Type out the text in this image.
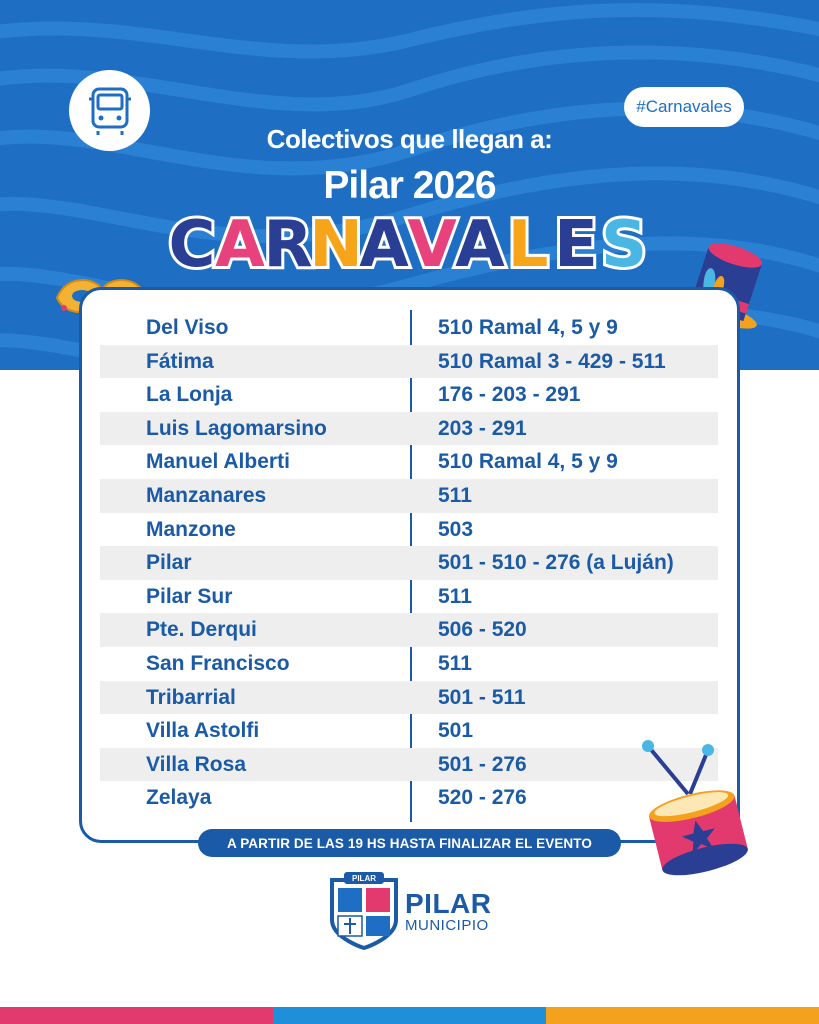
#Carnavales
Colectivos que llegan a:
Pilar 2026
C A
R
N
A
V
A L E S
Del Viso	510 Ramal 4, 5 y 9
Fátima	510 Ramal 3 - 429 - 511
La Lonja	176 - 203 - 291
Luis Lagomarsino	203 - 291
Manuel Alberti	510 Ramal 4, 5 y 9
Manzanares	511
Manzone	503
Pilar	501 - 510 - 276 (a Luján)
Pilar Sur	511
Pte. Derqui	506 - 520
San Francisco	511
Tribarrial	501 - 511
Villa Astolfi	501
Villa Rosa	501 - 276
Zelaya	520 - 276
A PARTIR DE LAS 19 HS HASTA FINALIZAR EL EVENTO
PILAR
PILAR
MUNICIPIO
